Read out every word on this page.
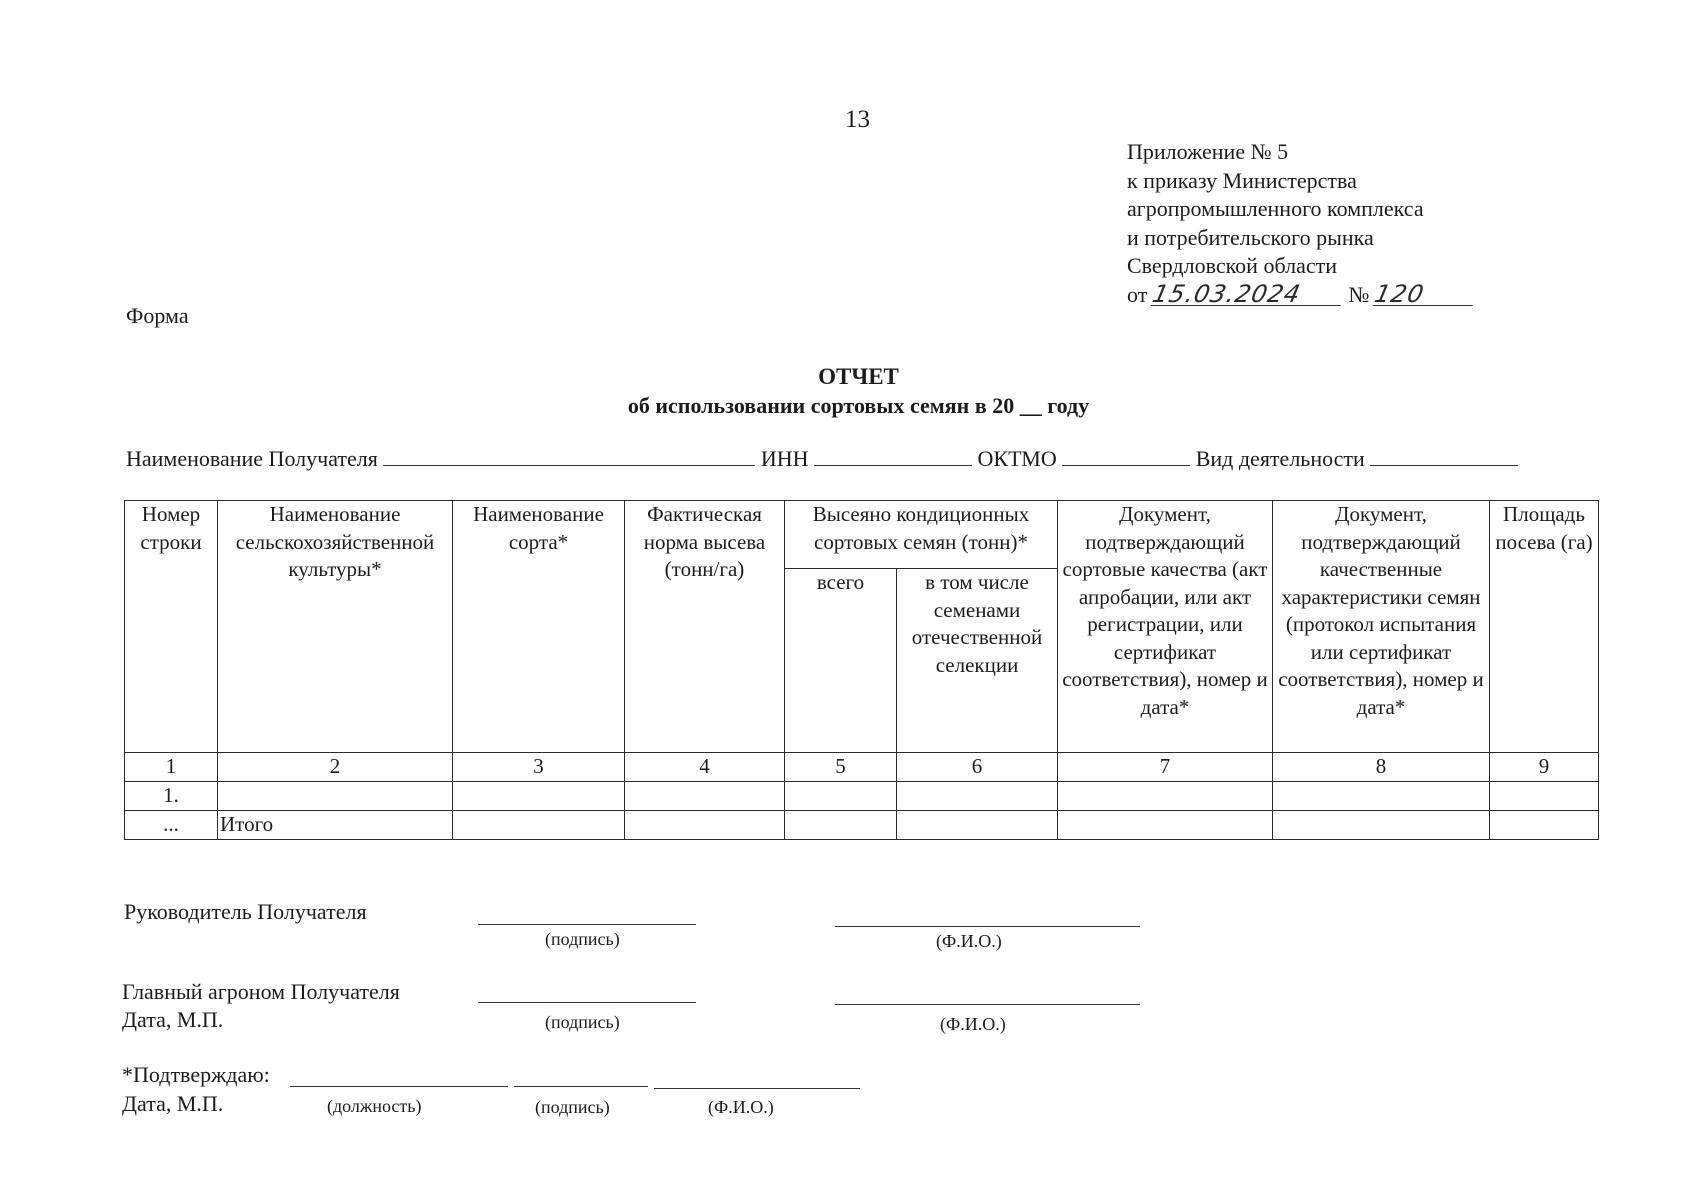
13
Приложение № 5
к приказу Министерства
агропромышленного комплекса
и потребительского рынка
Свердловской области
от 15.03.2024 № 120
Форма
ОТЧЕТ
об использовании сортовых семян в 20 __ году
Наименование Получателя	ИНН	ОКТМО	Вид деятельности
Номер строки	Наименование сельскохозяйственной культуры*	Наименование сорта*	Фактическая норма высева (тонн/га)	Высеяно кондиционных сортовых семян (тонн)*		Документ, подтверждающий сортовые качества (акт апробации, или акт регистрации, или сертификат соответствия), номер и дата*	Документ, подтверждающий качественные характеристики семян (протокол испытания или сертификат соответствия), номер и дата*	Площадь посева (га)
				всего	в том числе семенами отечественной селекции			
1	2	3	4	5	6	7	8	9
1.								
...	Итого							
Руководитель Получателя
(подпись)	(Ф.И.О.)
Главный агроном Получателя
Дата, М.П.	(подпись)	(Ф.И.О.)
*Подтверждаю:
Дата, М.П.	(должность)	(подпись)	(Ф.И.О.)
